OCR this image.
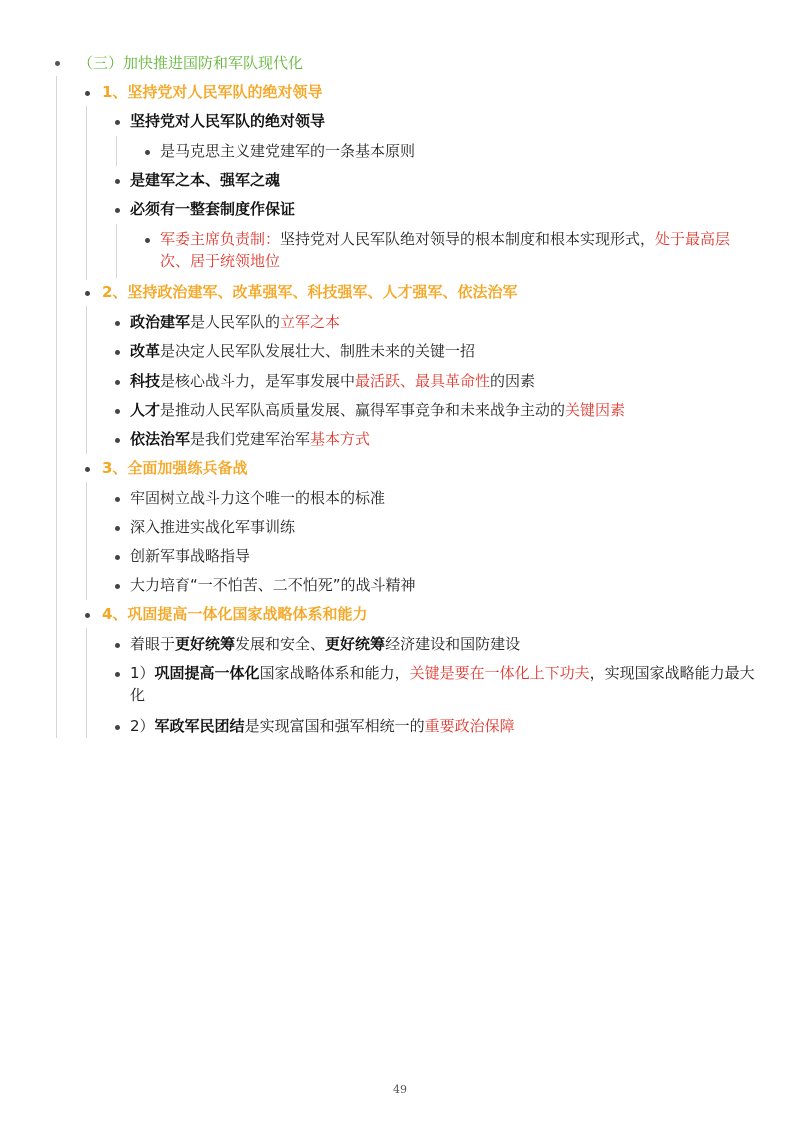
（三）加快推进国防和军队现代化
1、坚持党对人民军队的绝对领导
坚持党对人民军队的绝对领导
是马克思主义建党建军的一条基本原则
是建军之本、强军之魂
必须有一整套制度作保证
军委主席负责制：坚持党对人民军队绝对领导的根本制度和根本实现形式，处于最高层次、居于统领地位
2、坚持政治建军、改革强军、科技强军、人才强军、依法治军
政治建军是人民军队的立军之本
改革是决定人民军队发展壮大、制胜未来的关键一招
科技是核心战斗力，是军事发展中最活跃、最具革命性的因素
人才是推动人民军队高质量发展、赢得军事竞争和未来战争主动的关键因素
依法治军是我们党建军治军基本方式
3、全面加强练兵备战
牢固树立战斗力这个唯一的根本的标准
深入推进实战化军事训练
创新军事战略指导
大力培育“一不怕苦、二不怕死”的战斗精神
4、巩固提高一体化国家战略体系和能力
着眼于更好统筹发展和安全、更好统筹经济建设和国防建设
1）巩固提高一体化国家战略体系和能力，关键是要在一体化上下功夫，实现国家战略能力最大化
2）军政军民团结是实现富国和强军相统一的重要政治保障
49
